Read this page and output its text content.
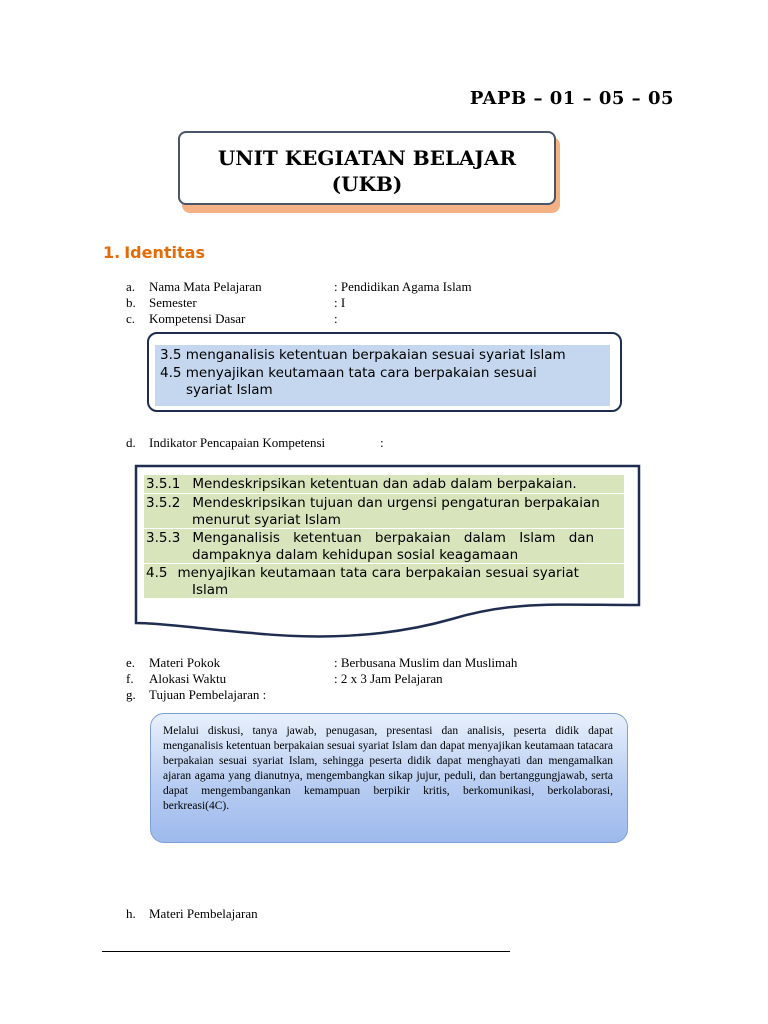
PAPB – 01 – 05 – 05
UNIT KEGIATAN BELAJAR
(UKB)
1. Identitas
a. Nama Mata Pelajaran	: Pendidikan Agama Islam
b. Semester	: I
c. Kompetensi Dasar	:
3.5 menganalisis ketentuan berpakaian sesuai syariat Islam
4.5 menyajikan keutamaan tata cara berpakaian sesuai
syariat Islam
d. Indikator Pencapaian Kompetensi	:
3.5.1 Mendeskripsikan ketentuan dan adab dalam berpakaian.
3.5.2 Mendeskripsikan tujuan dan urgensi pengaturan berpakaian
menurut syariat Islam
3.5.3 Menganalisis ketentuan berpakaian dalam Islam dan
dampaknya dalam kehidupan sosial keagamaan
4.5 menyajikan keutamaan tata cara berpakaian sesuai syariat
Islam
e. Materi Pokok	: Berbusana Muslim dan Muslimah
f. Alokasi Waktu	: 2 x 3 Jam Pelajaran
g. Tujuan Pembelajaran :
Melalui diskusi, tanya jawab, penugasan, presentasi dan analisis, peserta didik dapat menganalisis ketentuan berpakaian sesuai syariat Islam dan dapat menyajikan keutamaan tatacara berpakaian sesuai syariat Islam, sehingga peserta didik dapat menghayati dan mengamalkan ajaran agama yang dianutnya, mengembangkan sikap jujur, peduli, dan bertanggungjawab, serta dapat mengembangankan kemampuan berpikir kritis, berkomunikasi, berkolaborasi, berkreasi(4C).
h. Materi Pembelajaran
